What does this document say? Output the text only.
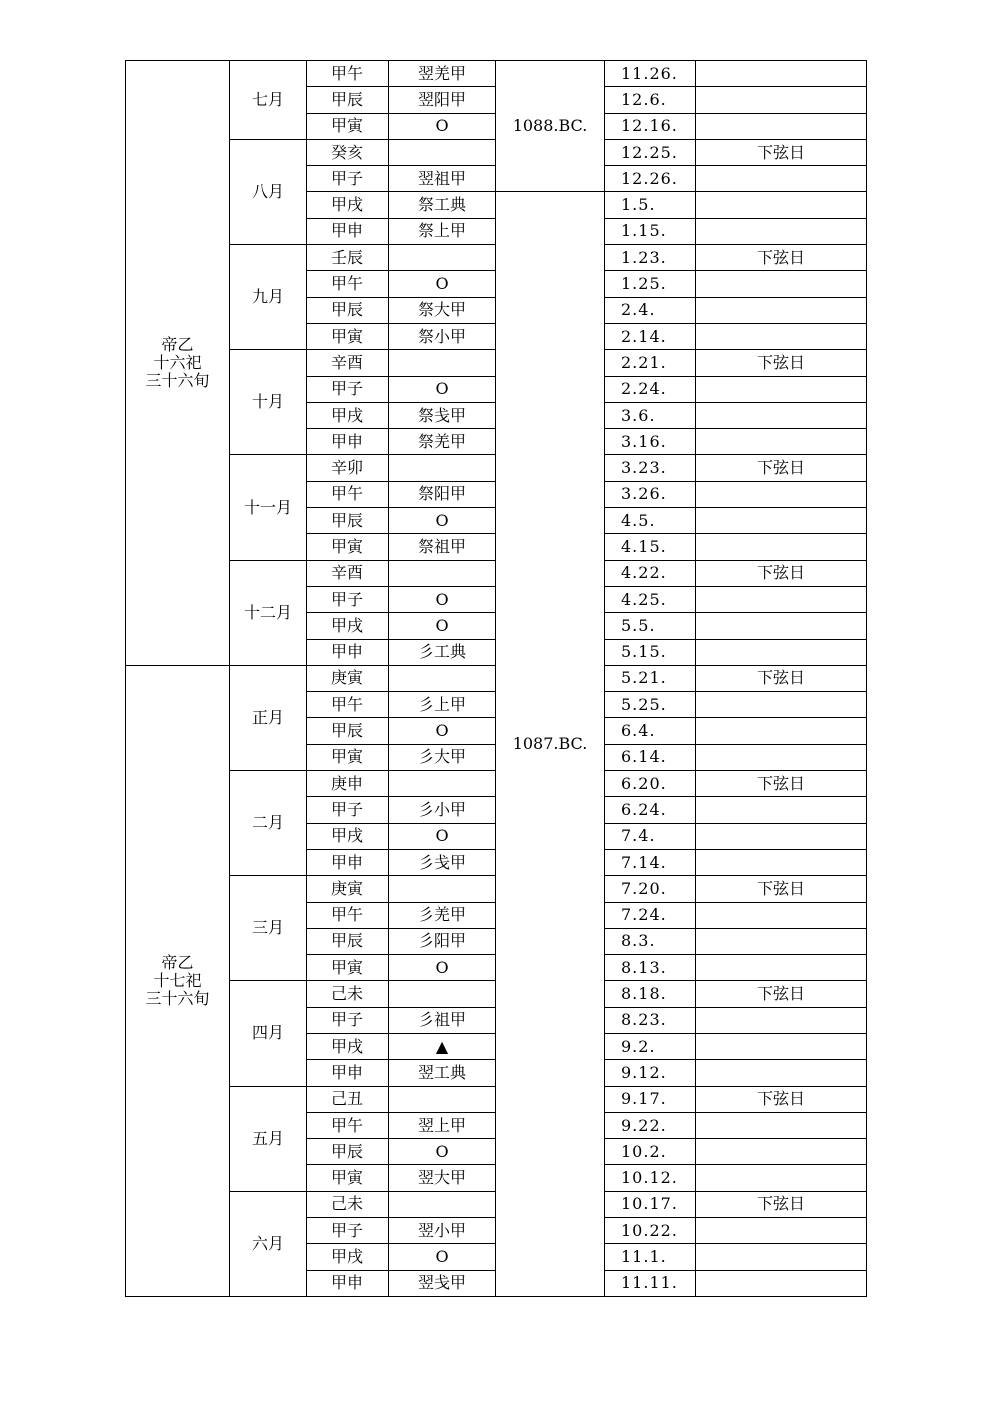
帝乙
十六祀
三十六旬	七月	甲午	翌羌甲	1088.BC.	11.26.	
		甲辰	翌阳甲		12.6.	
		甲寅	O		12.16.	
	八月	癸亥			12.25.	下弦日
		甲子	翌祖甲		12.26.	
		甲戌	祭工典	1087.BC.	1.5.	
		甲申	祭上甲		1.15.	
	九月	壬辰			1.23.	下弦日
		甲午	O		1.25.	
		甲辰	祭大甲		2.4.	
		甲寅	祭小甲		2.14.	
	十月	辛酉			2.21.	下弦日
		甲子	O		2.24.	
		甲戌	祭戋甲		3.6.	
		甲申	祭羌甲		3.16.	
	十一月	辛卯			3.23.	下弦日
		甲午	祭阳甲		3.26.	
		甲辰	O		4.5.	
		甲寅	祭祖甲		4.15.	
	十二月	辛酉			4.22.	下弦日
		甲子	O		4.25.	
		甲戌	O		5.5.	
		甲申	彡工典		5.15.	

帝乙
十七祀
三十六旬	正月	庚寅			5.21.	下弦日
		甲午	彡上甲		5.25.	
		甲辰	O		6.4.	
		甲寅	彡大甲		6.14.	
	二月	庚申			6.20.	下弦日
		甲子	彡小甲		6.24.	
		甲戌	O		7.4.	
		甲申	彡戋甲		7.14.	
	三月	庚寅			7.20.	下弦日
		甲午	彡羌甲		7.24.	
		甲辰	彡阳甲		8.3.	
		甲寅	O		8.13.	
	四月	己未			8.18.	下弦日
		甲子	彡祖甲		8.23.	
		甲戌	▲		9.2.	
		甲申	翌工典		9.12.	
	五月	己丑			9.17.	下弦日
		甲午	翌上甲		9.22.	
		甲辰	O		10.2.	
		甲寅	翌大甲		10.12.	
	六月	己未			10.17.	下弦日
		甲子	翌小甲		10.22.	
		甲戌	O		11.1.	
		甲申	翌戋甲		11.11.	
